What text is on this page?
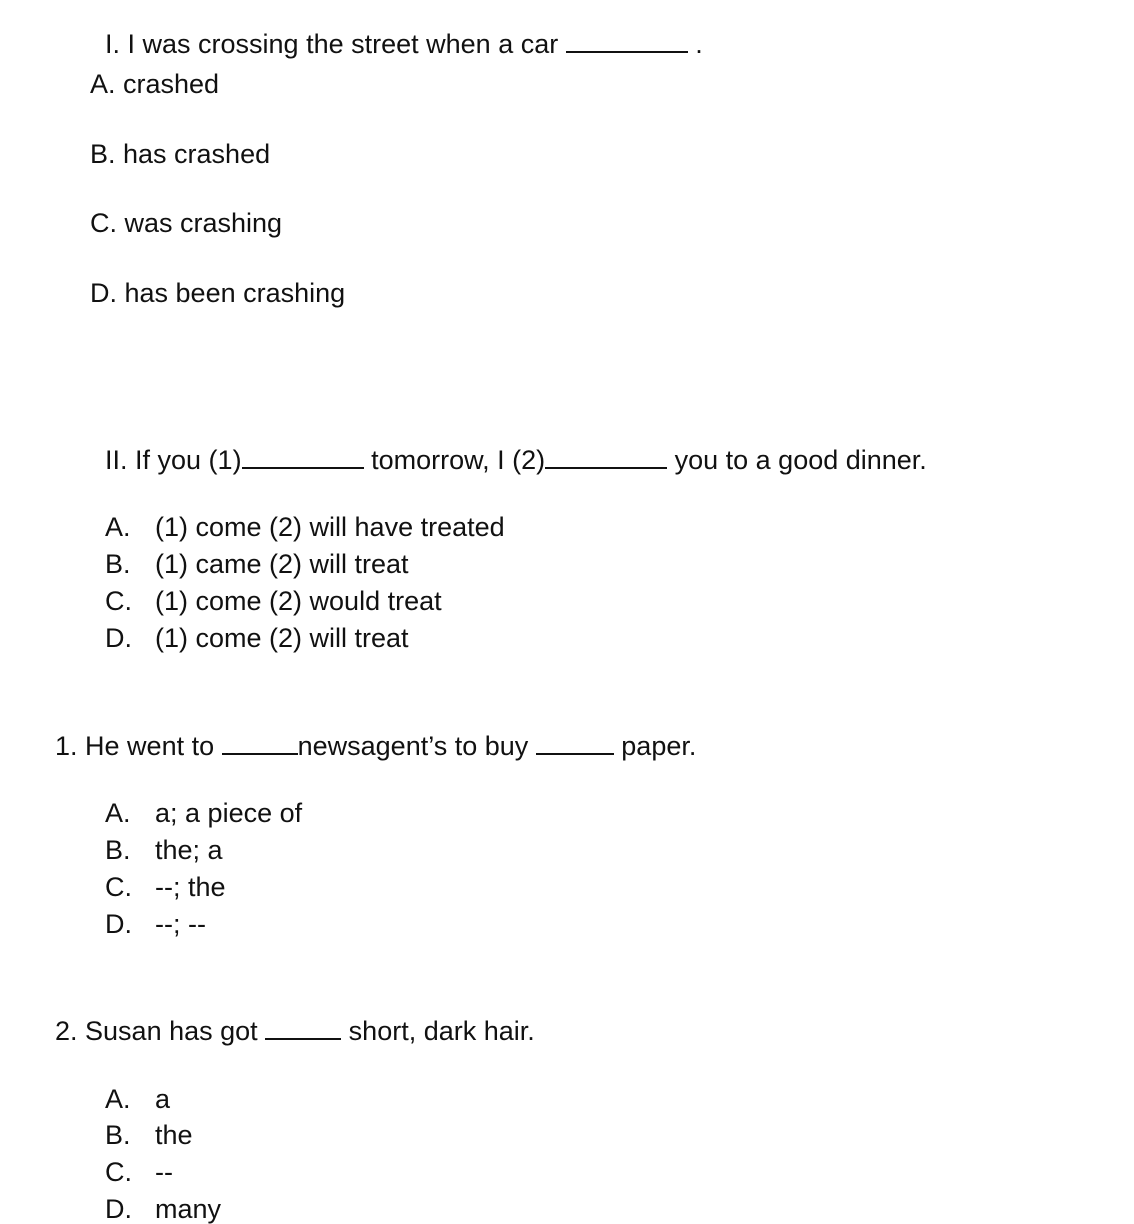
I. I was crossing the street when a car	.

A. crashed
B. has crashed
C. was crashing
D. has been crashing

II. If you (1)	tomorrow, I (2)	you to a good dinner.

A. (1) come (2) will have treated

B. (1) came (2) will treat

C. (1) come (2) would treat

D. (1) come (2) will treat

1. He went to	newsagent’s to buy	paper.

A. a; a piece of

B. the; a

C. --; the

D. --; --

2. Susan has got	short, dark hair.

A. a

B. the

C. --

D. many
